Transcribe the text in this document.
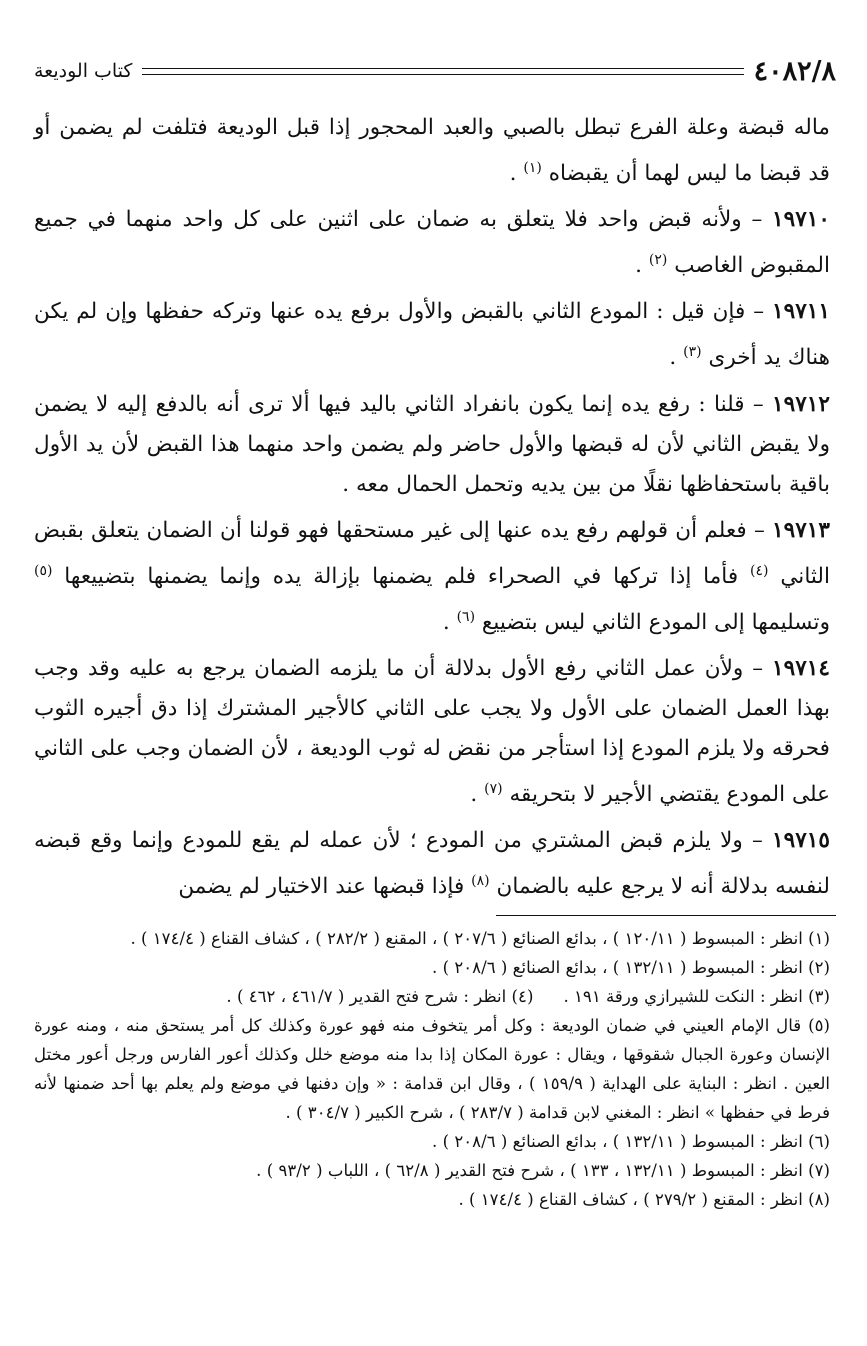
٤٠٨٢/٨
كتاب الوديعة

ماله قبضة وعلة الفرع تبطل بالصبي والعبد المحجور إذا قبل الوديعة فتلفت لم يضمن أو قد قبضا ما ليس لهما أن يقبضاه $^{(١)}$ .

١٩٧١٠ – ولأنه قبض واحد فلا يتعلق به ضمان على اثنين على كل واحد منهما في جميع المقبوض الغاصب $^{(٢)}$ .

١٩٧١١ – فإن قيل : المودع الثاني بالقبض والأول برفع يده عنها وتركه حفظها وإن لم يكن هناك يد أخرى $^{(٣)}$ .

١٩٧١٢ – قلنا : رفع يده إنما يكون بانفراد الثاني باليد فيها ألا ترى أنه بالدفع إليه لا يضمن ولا يقبض الثاني لأن له قبضها والأول حاضر ولم يضمن واحد منهما هذا القبض لأن يد الأول باقية باستحفاظها نقلًا من بين يديه وتحمل الحمال معه .

١٩٧١٣ – فعلم أن قولهم رفع يده عنها إلى غير مستحقها فهو قولنا أن الضمان يتعلق بقبض الثاني $^{(٤)}$ فأما إذا تركها في الصحراء فلم يضمنها بإزالة يده وإنما يضمنها بتضييعها $^{(٥)}$ وتسليمها إلى المودع الثاني ليس بتضييع $^{(٦)}$ .

١٩٧١٤ – ولأن عمل الثاني رفع الأول بدلالة أن ما يلزمه الضمان يرجع به عليه وقد وجب بهذا العمل الضمان على الأول ولا يجب على الثاني كالأجير المشترك إذا دق أجيره الثوب فحرقه ولا يلزم المودع إذا استأجر من نقض له ثوب الوديعة ، لأن الضمان وجب على الثاني على المودع يقتضي الأجير لا بتحريقه $^{(٧)}$ .

١٩٧١٥ – ولا يلزم قبض المشتري من المودع ؛ لأن عمله لم يقع للمودع وإنما وقع قبضه لنفسه بدلالة أنه لا يرجع عليه بالضمان $^{(٨)}$ فإذا قبضها عند الاختيار لم يضمن

(١) انظر : المبسوط ( ١٢٠/١١ ) ، بدائع الصنائع ( ٢٠٧/٦ ) ، المقنع ( ٢٨٢/٢ ) ، كشاف القناع ( ١٧٤/٤ ) .

(٢) انظر : المبسوط ( ١٣٢/١١ ) ، بدائع الصنائع ( ٢٠٨/٦ ) .

(٣) انظر : النكت للشيرازي ورقة ١٩١ .

(٤) انظر : شرح فتح القدير ( ٤٦١/٧ ، ٤٦٢ ) .

(٥) قال الإمام العيني في ضمان الوديعة : وكل أمر يتخوف منه فهو عورة وكذلك كل أمر يستحق منه ، ومنه عورة الإنسان وعورة الجبال شقوقها ، ويقال : عورة المكان إذا بدا منه موضع خلل وكذلك أعور الفارس ورجل أعور مختل العين . انظر : البناية على الهداية ( ١٥٩/٩ ) ، وقال ابن قدامة : « وإن دفنها في موضع ولم يعلم بها أحد ضمنها لأنه فرط في حفظها » انظر : المغني لابن قدامة ( ٢٨٣/٧ ) ، شرح الكبير ( ٣٠٤/٧ ) .

(٦) انظر : المبسوط ( ١٣٢/١١ ) ، بدائع الصنائع ( ٢٠٨/٦ ) .

(٧) انظر : المبسوط ( ١٣٢/١١ ، ١٣٣ ) ، شرح فتح القدير ( ٦٢/٨ ) ، اللباب ( ٩٣/٢ ) .

(٨) انظر : المقنع ( ٢٧٩/٢ ) ، كشاف القناع ( ١٧٤/٤ ) .
